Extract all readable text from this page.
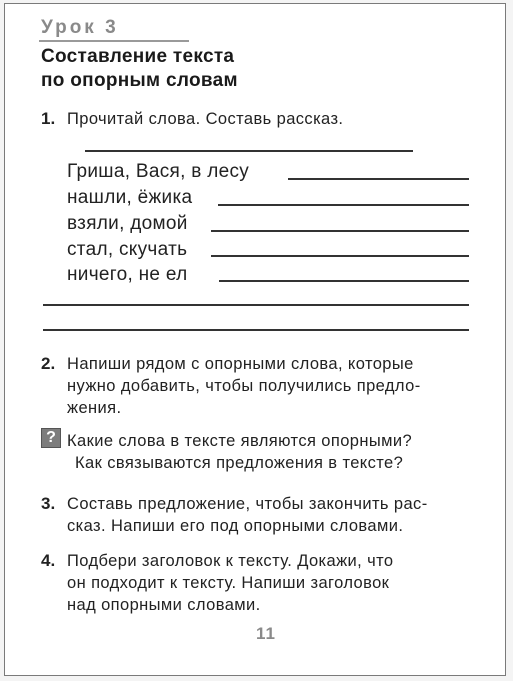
Урок 3
Составление текста
по опорным словам
1. Прочитай слова. Составь рассказ.
Гриша, Вася, в лесу
нашли, ёжика
взяли, домой
стал, скучать
ничего, не ел
2. Напиши рядом с опорными слова, которые
нужно добавить, чтобы получились предло-
жения.
? Какие слова в тексте являются опорными?
Как связываются предложения в тексте?
3. Составь предложение, чтобы закончить рас-
сказ. Напиши его под опорными словами.
4. Подбери заголовок к тексту. Докажи, что
он подходит к тексту. Напиши заголовок
над опорными словами.
11
